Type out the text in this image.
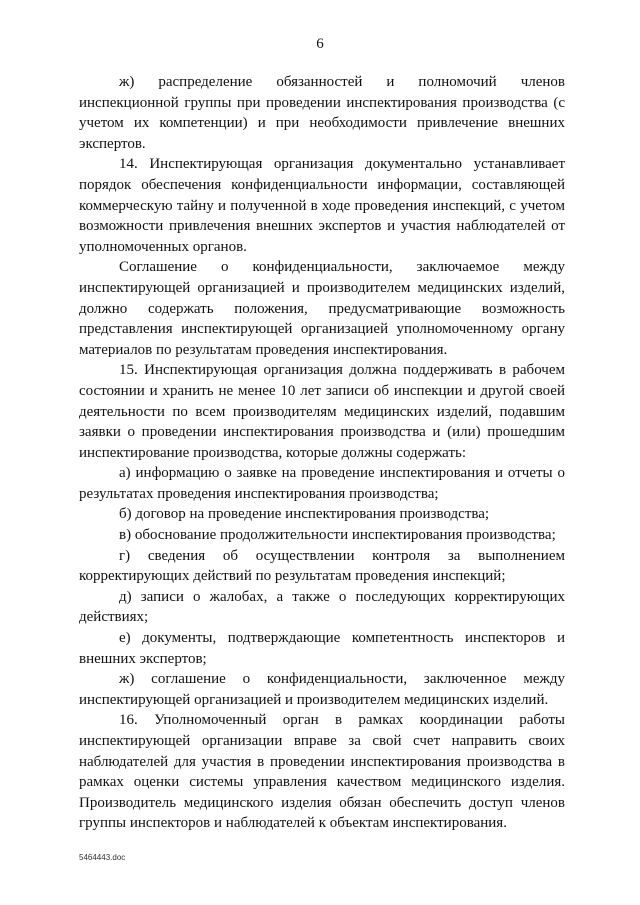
6

ж) распределение обязанностей и полномочий членов инспекционной группы при проведении инспектирования производства (с учетом их компетенции) и при необходимости привлечение внешних экспертов.

14. Инспектирующая организация документально устанавливает порядок обеспечения конфиденциальности информации, составляющей коммерческую тайну и полученной в ходе проведения инспекций, с учетом возможности привлечения внешних экспертов и участия наблюдателей от уполномоченных органов.

Соглашение о конфиденциальности, заключаемое между инспектирующей организацией и производителем медицинских изделий, должно содержать положения, предусматривающие возможность представления инспектирующей организацией уполномоченному органу материалов по результатам проведения инспектирования.

15. Инспектирующая организация должна поддерживать в рабочем состоянии и хранить не менее 10 лет записи об инспекции и другой своей деятельности по всем производителям медицинских изделий, подавшим заявки о проведении инспектирования производства и (или) прошедшим инспектирование производства, которые должны содержать:

а) информацию о заявке на проведение инспектирования и отчеты о результатах проведения инспектирования производства;

б) договор на проведение инспектирования производства;

в) обоснование продолжительности инспектирования производства;

г) сведения об осуществлении контроля за выполнением корректирующих действий по результатам проведения инспекций;

д) записи о жалобах, а также о последующих корректирующих действиях;

е) документы, подтверждающие компетентность инспекторов и внешних экспертов;

ж) соглашение о конфиденциальности, заключенное между инспектирующей организацией и производителем медицинских изделий.

16. Уполномоченный орган в рамках координации работы инспектирующей организации вправе за свой счет направить своих наблюдателей для участия в проведении инспектирования производства в рамках оценки системы управления качеством медицинского изделия. Производитель медицинского изделия обязан обеспечить доступ членов группы инспекторов и наблюдателей к объектам инспектирования.

5464443.doc
